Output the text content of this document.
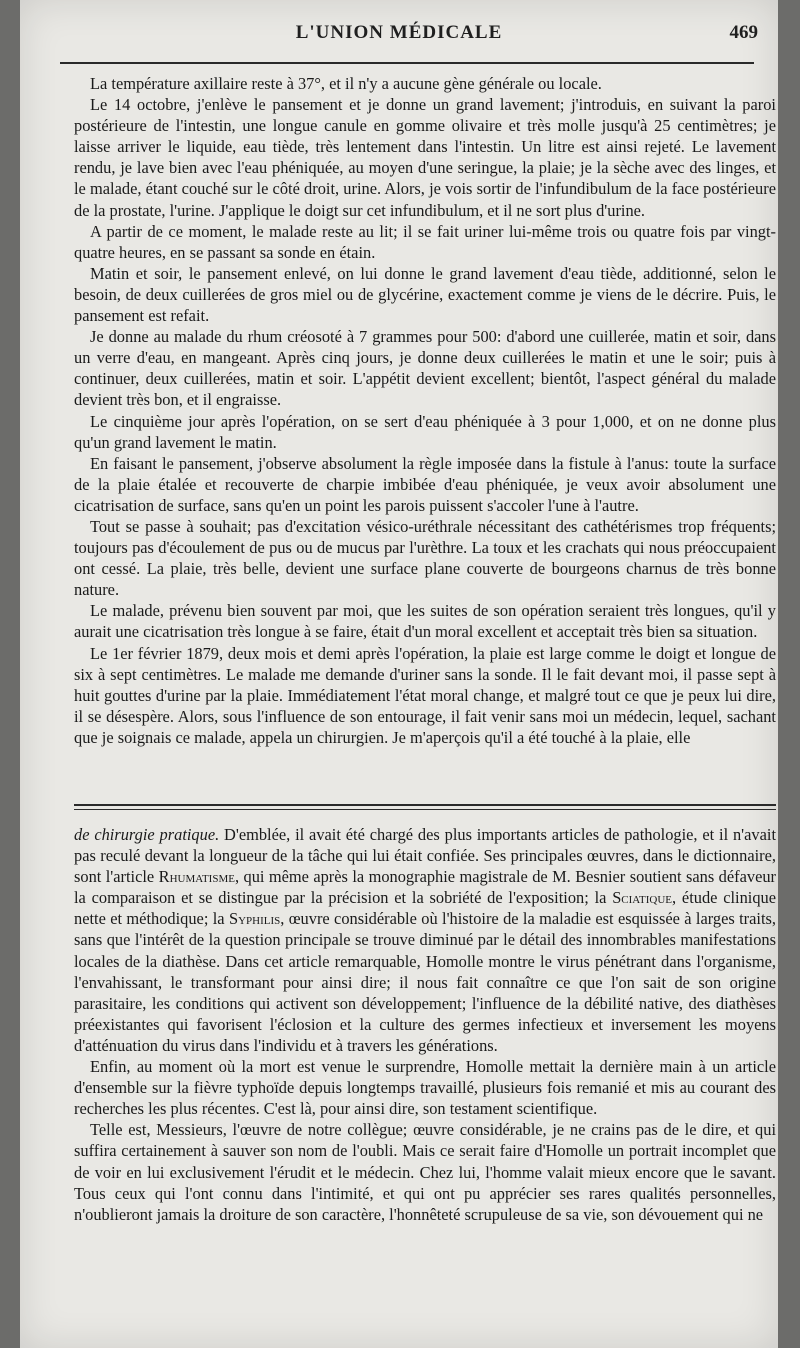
L'UNION MÉDICALE	469

La température axillaire reste à 37°, et il n'y a aucune gène générale ou locale.

Le 14 octobre, j'enlève le pansement et je donne un grand lavement; j'introduis, en suivant la paroi postérieure de l'intestin, une longue canule en gomme olivaire et très molle jusqu'à 25 centimètres; je laisse arriver le liquide, eau tiède, très lentement dans l'intestin. Un litre est ainsi rejeté. Le lavement rendu, je lave bien avec l'eau phéniquée, au moyen d'une seringue, la plaie; je la sèche avec des linges, et le malade, étant couché sur le côté droit, urine. Alors, je vois sortir de l'infundibulum de la face postérieure de la prostate, l'urine. J'applique le doigt sur cet infundibulum, et il ne sort plus d'urine.

A partir de ce moment, le malade reste au lit; il se fait uriner lui-même trois ou quatre fois par vingt-quatre heures, en se passant sa sonde en étain.

Matin et soir, le pansement enlevé, on lui donne le grand lavement d'eau tiède, additionné, selon le besoin, de deux cuillerées de gros miel ou de glycérine, exactement comme je viens de le décrire. Puis, le pansement est refait.

Je donne au malade du rhum créosoté à 7 grammes pour 500: d'abord une cuillerée, matin et soir, dans un verre d'eau, en mangeant. Après cinq jours, je donne deux cuillerées le matin et une le soir; puis à continuer, deux cuillerées, matin et soir. L'appétit devient excellent; bientôt, l'aspect général du malade devient très bon, et il engraisse.

Le cinquième jour après l'opération, on se sert d'eau phéniquée à 3 pour 1,000, et on ne donne plus qu'un grand lavement le matin.

En faisant le pansement, j'observe absolument la règle imposée dans la fistule à l'anus: toute la surface de la plaie étalée et recouverte de charpie imbibée d'eau phéniquée, je veux avoir absolument une cicatrisation de surface, sans qu'en un point les parois puissent s'accoler l'une à l'autre.

Tout se passe à souhait; pas d'excitation vésico-uréthrale nécessitant des cathétérismes trop fréquents; toujours pas d'écoulement de pus ou de mucus par l'urèthre. La toux et les crachats qui nous préoccupaient ont cessé. La plaie, très belle, devient une surface plane couverte de bourgeons charnus de très bonne nature.

Le malade, prévenu bien souvent par moi, que les suites de son opération seraient très longues, qu'il y aurait une cicatrisation très longue à se faire, était d'un moral excellent et acceptait très bien sa situation.

Le 1er février 1879, deux mois et demi après l'opération, la plaie est large comme le doigt et longue de six à sept centimètres. Le malade me demande d'uriner sans la sonde. Il le fait devant moi, il passe sept à huit gouttes d'urine par la plaie. Immédiatement l'état moral change, et malgré tout ce que je peux lui dire, il se désespère. Alors, sous l'influence de son entourage, il fait venir sans moi un médecin, lequel, sachant que je soignais ce malade, appela un chirurgien. Je m'aperçois qu'il a été touché à la plaie, elle

de chirurgie pratique. D'emblée, il avait été chargé des plus importants articles de pathologie, et il n'avait pas reculé devant la longueur de la tâche qui lui était confiée. Ses principales œuvres, dans le dictionnaire, sont l'article Rhumatisme, qui même après la monographie magistrale de M. Besnier soutient sans défaveur la comparaison et se distingue par la précision et la sobriété de l'exposition; la Sciatique, étude clinique nette et méthodique; la Syphilis, œuvre considérable où l'histoire de la maladie est esquissée à larges traits, sans que l'intérêt de la question principale se trouve diminué par le détail des innombrables manifestations locales de la diathèse. Dans cet article remarquable, Homolle montre le virus pénétrant dans l'organisme, l'envahissant, le transformant pour ainsi dire; il nous fait connaître ce que l'on sait de son origine parasitaire, les conditions qui activent son développement; l'influence de la débilité native, des diathèses préexistantes qui favorisent l'éclosion et la culture des germes infectieux et inversement les moyens d'atténuation du virus dans l'individu et à travers les générations.

Enfin, au moment où la mort est venue le surprendre, Homolle mettait la dernière main à un article d'ensemble sur la fièvre typhoïde depuis longtemps travaillé, plusieurs fois remanié et mis au courant des recherches les plus récentes. C'est là, pour ainsi dire, son testament scientifique.

Telle est, Messieurs, l'œuvre de notre collègue; œuvre considérable, je ne crains pas de le dire, et qui suffira certainement à sauver son nom de l'oubli. Mais ce serait faire d'Homolle un portrait incomplet que de voir en lui exclusivement l'érudit et le médecin. Chez lui, l'homme valait mieux encore que le savant. Tous ceux qui l'ont connu dans l'intimité, et qui ont pu apprécier ses rares qualités personnelles, n'oublieront jamais la droiture de son caractère, l'honnêteté scrupuleuse de sa vie, son dévouement qui ne
